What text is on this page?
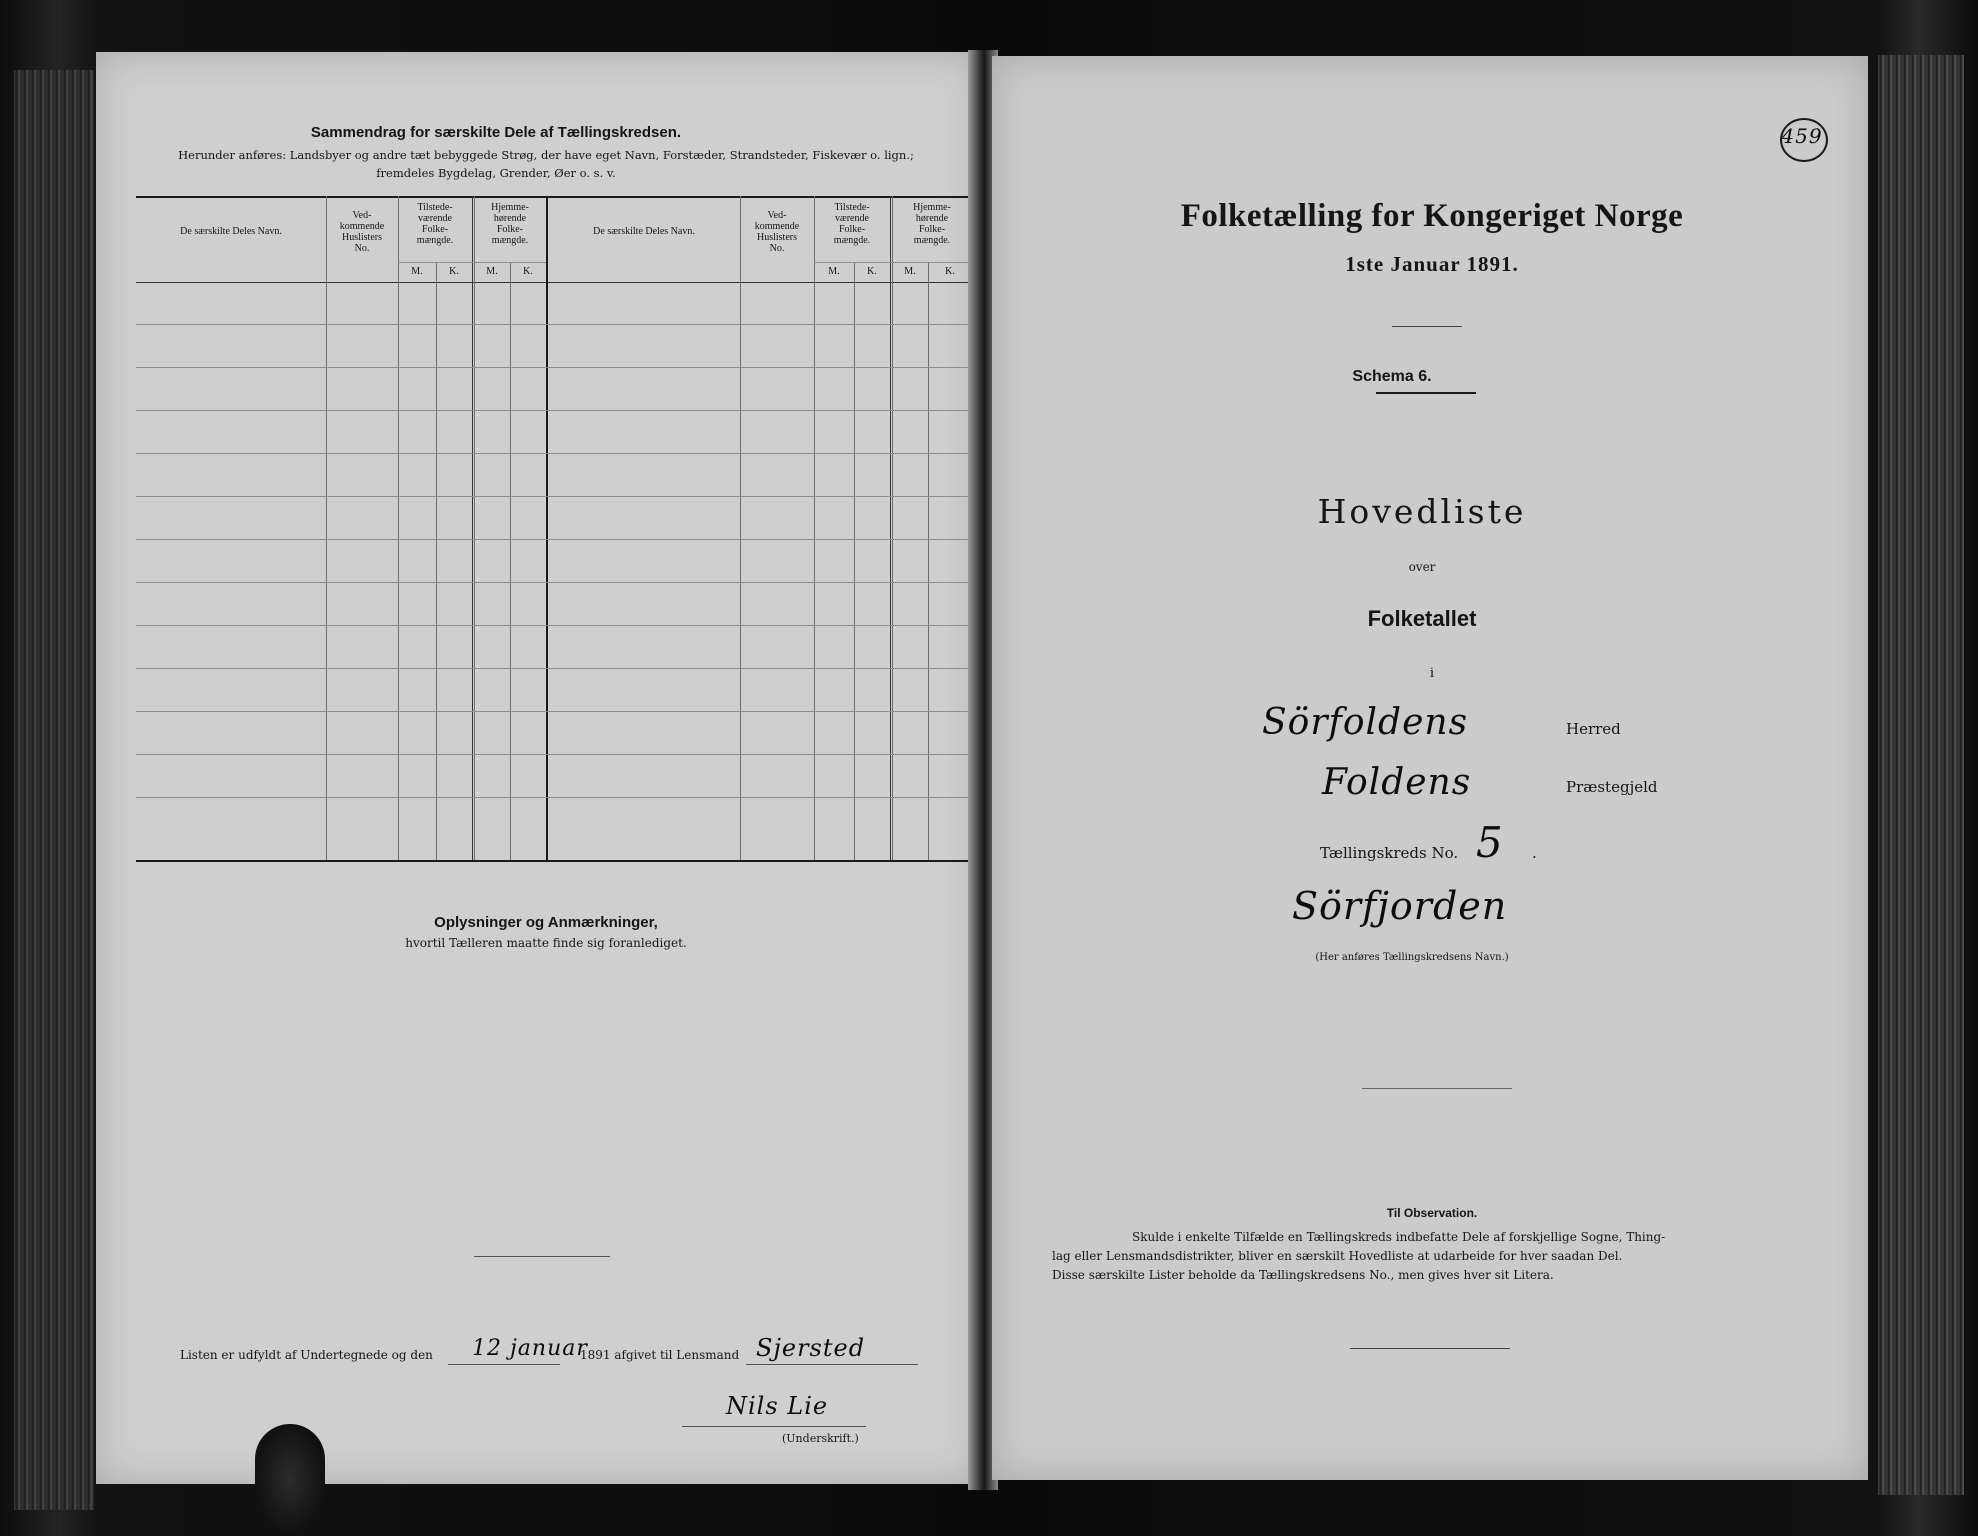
Sammendrag for særskilte Dele af Tællingskredsen.
Herunder anføres: Landsbyer og andre tæt bebyggede Strøg, der have eget Navn, Forstæder, Strandsteder, Fiskevær o. lign.;
fremdeles Bygdelag, Grender, Øer o. s. v.
De særskilte Deles Navn.
Ved-
kommende
Huslisters
No.
Tilstede-
værende
Folke-
mængde.
Hjemme-
hørende
Folke-
mængde.
M.	K.	M.	K.
De særskilte Deles Navn.
Ved-
kommende
Huslisters
No.
Tilstede-
værende
Folke-
mængde.
Hjemme-
hørende
Folke-
mængde.
M.	K.	M.	K.
Oplysninger og Anmærkninger,
hvortil Tælleren maatte finde sig foranlediget.
Listen er udfyldt af Undertegnede og den 12 januar
1891 afgivet til Lensmand Sjersted
Nils Lie
(Underskrift.)
459
Folketælling for Kongeriget Norge
1ste Januar 1891.
Schema 6.
Hovedliste
over
Folketallet
i
Sörfoldens	Herred
Foldens	Præstegjeld
Tællingskreds No. 5 .
Sörfjorden
(Her anføres Tællingskredsens Navn.)
Til Observation.
Skulde i enkelte Tilfælde en Tællingskreds indbefatte Dele af forskjellige Sogne, Thing-
lag eller Lensmandsdistrikter, bliver en særskilt Hovedliste at udarbeide for hver saadan Del.
Disse særskilte Lister beholde da Tællingskredsens No., men gives hver sit Litera.
